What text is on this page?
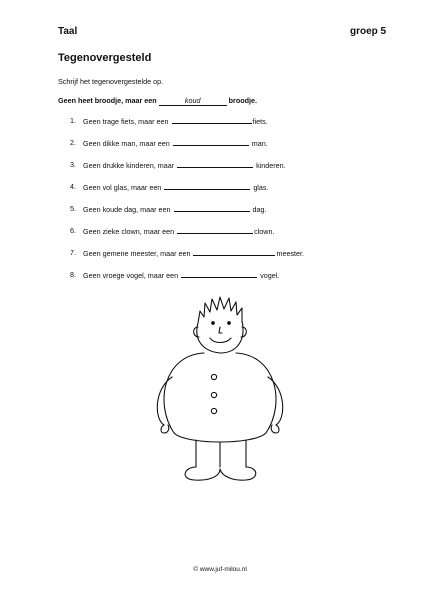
Taal	groep 5
Tegenovergesteld
Schrijf het tegenovergestelde op.
Geen heet broodje, maar een	koud	broodje.
1. Geen trage fiets, maar een	fiets.
2. Geen dikke man, maar een	man.
3. Geen drukke kinderen, maar	kinderen.
4. Geen vol glas, maar een	glas.
5. Geen koude dag, maar een	dag.
6. Geen zieke clown, maar een	clown.
7. Geen gemene meester, maar een	meester.
8. Geen vroege vogel, maar een	vogel.
© www.juf-milou.nl
